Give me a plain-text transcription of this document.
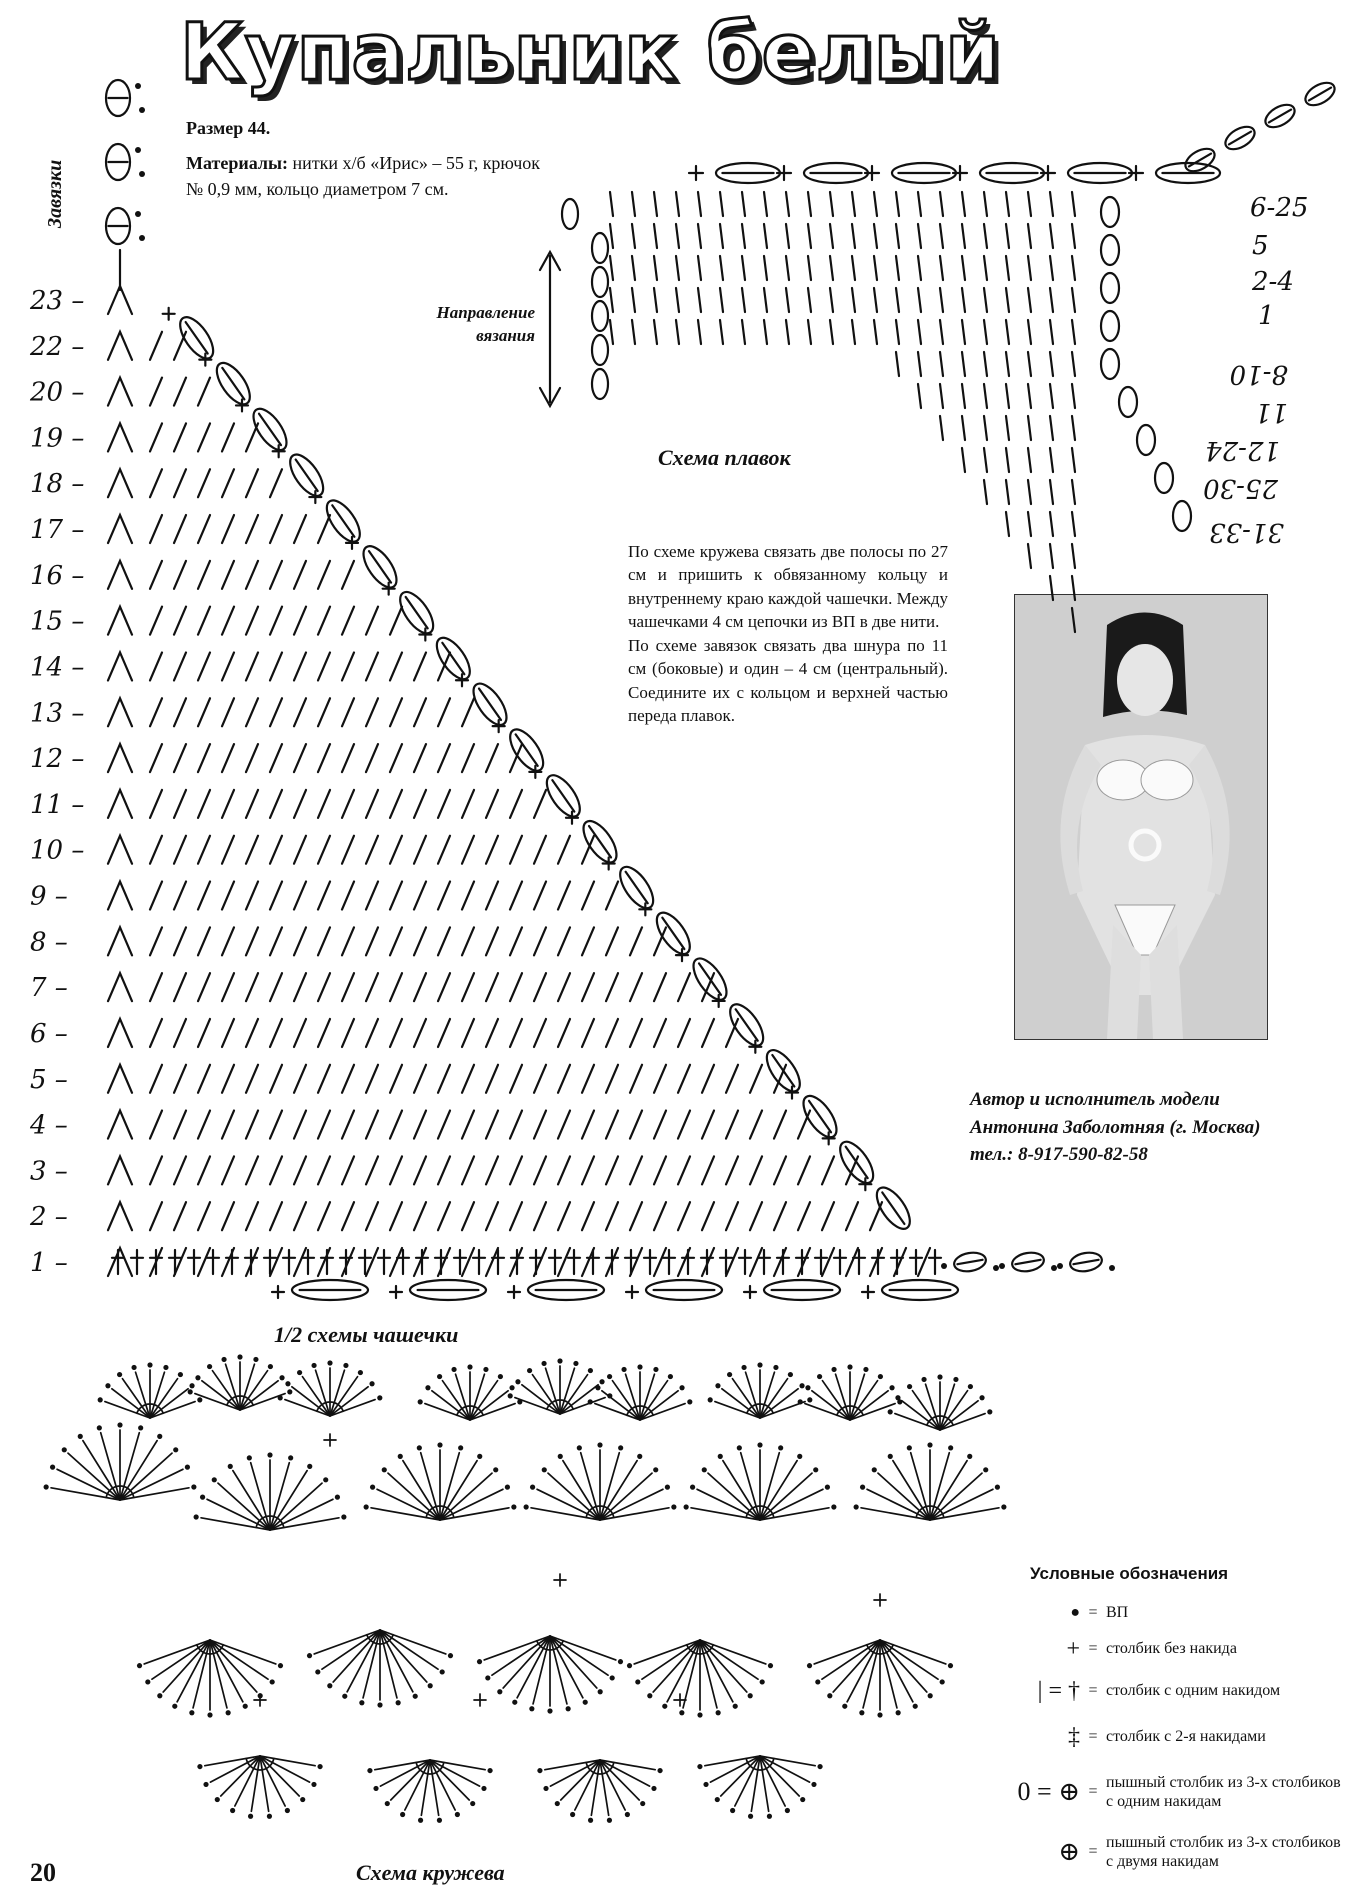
Купальник белый
Завязки
Размер 44.
Материалы: нитки х/б «Ирис» – 55 г, крючок № 0,9 мм, кольцо диаметром 7 см.
Направление
вязания
Схема плавок
1/2 схемы чашечки
Схема кружева

По схеме кружева связать две полосы по 27 см и пришить к обвязанному кольцу и внутреннему краю каждой чашечки. Между чашечками 4 см цепочки из ВП в две нити.

По схеме завязок связать два шнура по 11 см (боковые) и один – 4 см (центральный). Соедините их с кольцом и верхней частью переда плавок.

Автор и исполнитель модели
Антонина Заболотняя (г. Москва)
тел.: 8-917-590-82-58
23 –
22 –
20 –
19 –
18 –
17 –
16 –
15 –
14 –
13 –
12 –
11 –
10 –
9 –
8 –
7 –
6 –
5 –
4 –
3 –
2 –
1 –
6-25
5
2-4
1
8-10
11
12-24
25-30
31-33
Условные обозначения
● = ВП
+ = столбик без накида
| = † = столбик с одним накидом
‡ = столбик с 2-я накидами
0 = ⊕ =
пышный столбик из 3-х столбиков с одним накидам
⊕ =
пышный столбик из 3-х столбиков с двумя накидам
20
